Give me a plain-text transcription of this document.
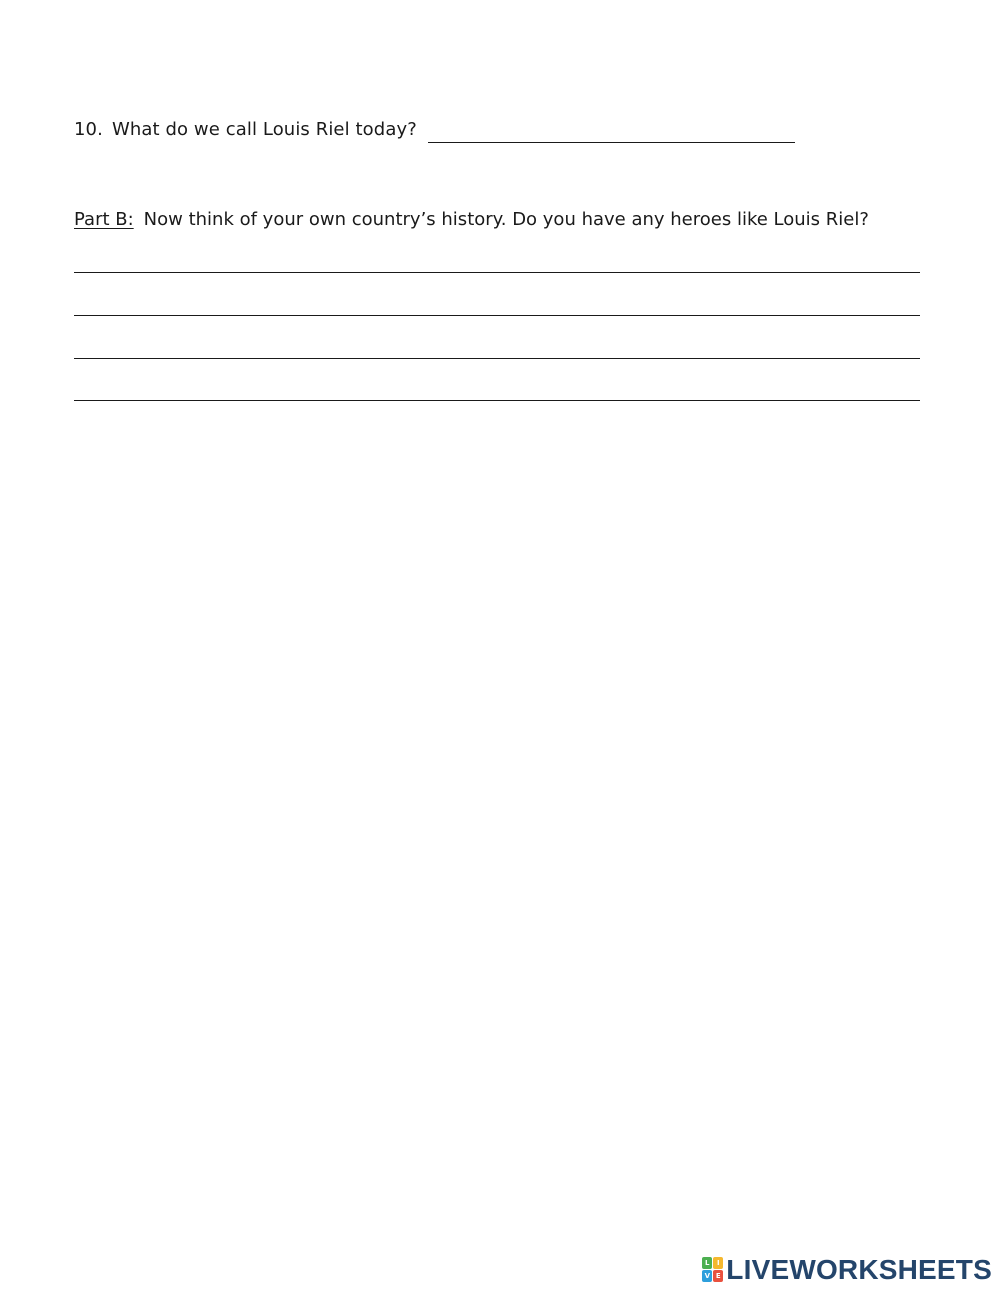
10. What do we call Louis Riel today?
Part B: Now think of your own country’s history. Do you have any heroes like Louis Riel?
L	I
V E LIVEWORKSHEETS
